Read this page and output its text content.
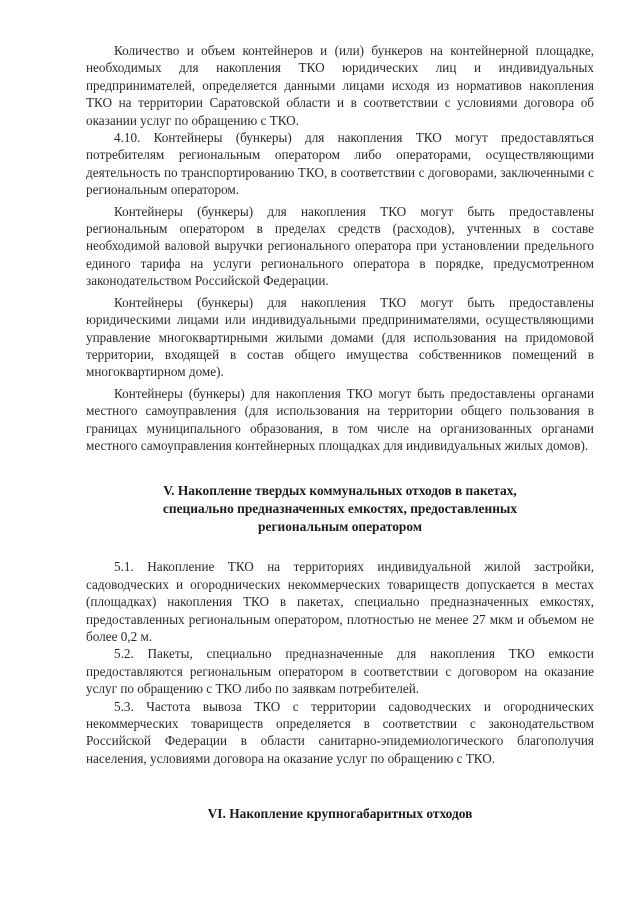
Количество и объем контейнеров и (или) бункеров на контейнерной площадке, необходимых для накопления ТКО юридических лиц и индивидуальных предпринимателей, определяется данными лицами исходя из нормативов накопления ТКО на территории Саратовской области и в соответствии с условиями договора об оказании услуг по обращению с ТКО.

4.10. Контейнеры (бункеры) для накопления ТКО могут предоставляться потребителям региональным оператором либо операторами, осуществляющими деятельность по транспортированию ТКО, в соответствии с договорами, заключенными с региональным оператором.

Контейнеры (бункеры) для накопления ТКО могут быть предоставлены региональным оператором в пределах средств (расходов), учтенных в составе необходимой валовой выручки регионального оператора при установлении предельного единого тарифа на услуги регионального оператора в порядке, предусмотренном законодательством Российской Федерации.

Контейнеры (бункеры) для накопления ТКО могут быть предоставлены юридическими лицами или индивидуальными предпринимателями, осуществляющими управление многоквартирными жилыми домами (для использования на придомовой территории, входящей в состав общего имущества собственников помещений в многоквартирном доме).

Контейнеры (бункеры) для накопления ТКО могут быть предоставлены органами местного самоуправления (для использования на территории общего пользования в границах муниципального образования, в том числе на организованных органами местного самоуправления контейнерных площадках для индивидуальных жилых домов).

V. Накопление твердых коммунальных отходов в пакетах,

специально предназначенных емкостях, предоставленных

региональным оператором

5.1. Накопление ТКО на территориях индивидуальной жилой застройки, садоводческих и огороднических некоммерческих товариществ допускается в местах (площадках) накопления ТКО в пакетах, специально предназначенных емкостях, предоставленных региональным оператором, плотностью не менее 27 мкм и объемом не более 0,2 м.

5.2. Пакеты, специально предназначенные для накопления ТКО емкости предоставляются региональным оператором в соответствии с договором на оказание услуг по обращению с ТКО либо по заявкам потребителей.

5.3. Частота вывоза ТКО с территории садоводческих и огороднических некоммерческих товариществ определяется в соответствии с законодательством Российской Федерации в области санитарно-эпидемиологического благополучия населения, условиями договора на оказание услуг по обращению с ТКО.

VI. Накопление крупногабаритных отходов
